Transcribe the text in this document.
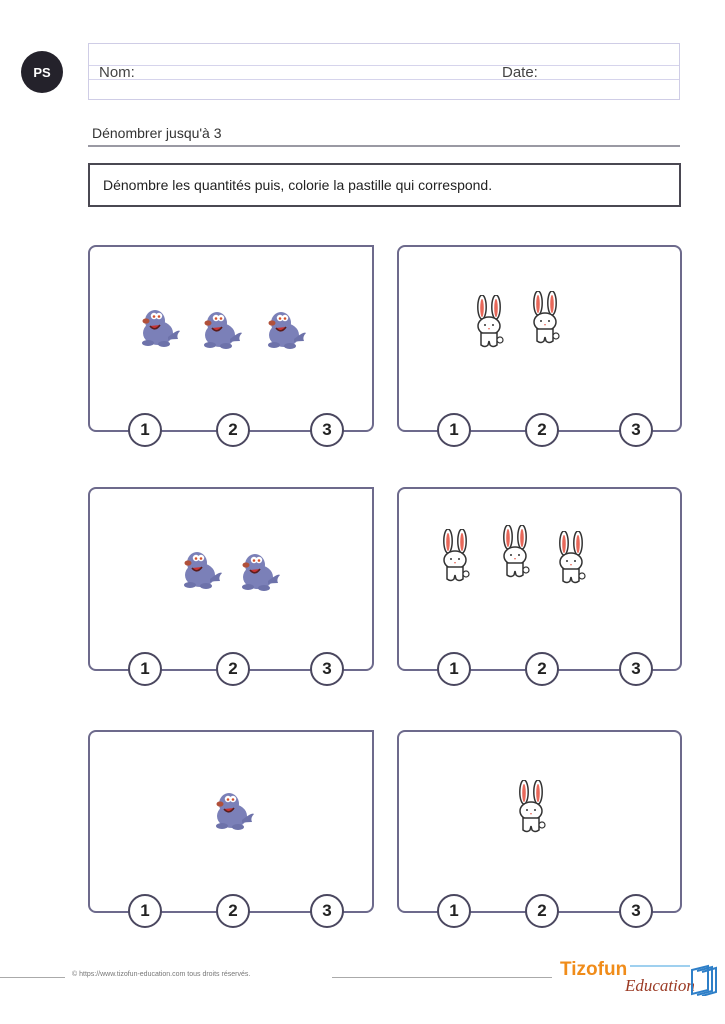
PS	Nom:	Date:
Dénombrer jusqu'à 3
Dénombre les quantités puis, colorie la pastille qui correspond.
1	2	3	1	2	3
1	2	3	1	2	3
1	2	3	1	2	3
© https://www.tizofun-education.com tous droits réservés.	Tizofun
Education
